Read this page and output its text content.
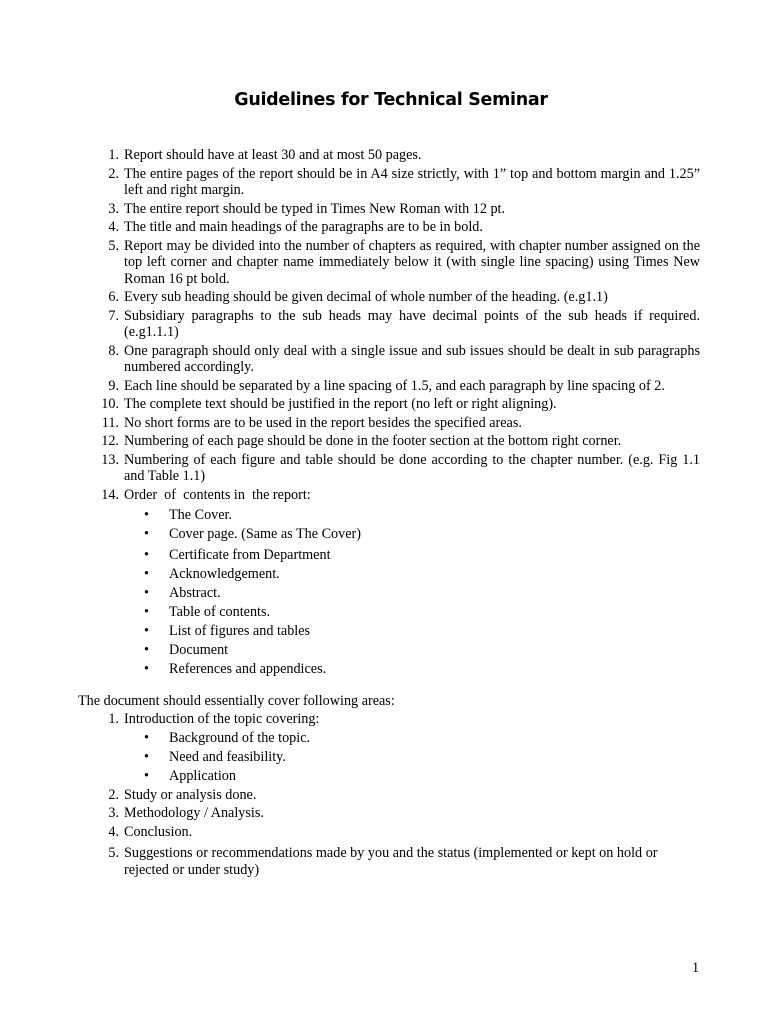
Guidelines for Technical Seminar
1. Report should have at least 30 and at most 50 pages.
2. The entire pages of the report should be in A4 size strictly, with 1” top and bottom margin and 1.25” left and right margin.
3. The entire report should be typed in Times New Roman with 12 pt.
4. The title and main headings of the paragraphs are to be in bold.
5. Report may be divided into the number of chapters as required, with chapter number assigned on the top left corner and chapter name immediately below it (with single line spacing) using Times New Roman 16 pt bold.
6. Every sub heading should be given decimal of whole number of the heading. (e.g1.1)
7. Subsidiary paragraphs to the sub heads may have decimal points of the sub heads if required. (e.g1.1.1)
8. One paragraph should only deal with a single issue and sub issues should be dealt in sub paragraphs numbered accordingly.
9. Each line should be separated by a line spacing of 1.5, and each paragraph by line spacing of 2.
10. The complete text should be justified in the report (no left or right aligning).
11. No short forms are to be used in the report besides the specified areas.
12. Numbering of each page should be done in the footer section at the bottom right corner.
13. Numbering of each figure and table should be done according to the chapter number. (e.g. Fig 1.1 and Table 1.1)
14. Order  of  contents in  the report:
• The Cover.
• Cover page. (Same as The Cover)
• Certificate from Department
• Acknowledgement.
• Abstract.
• Table of contents.
• List of figures and tables
• Document
• References and appendices.
The document should essentially cover following areas:
1. Introduction of the topic covering:
• Background of the topic.
• Need and feasibility.
• Application
2. Study or analysis done.
3. Methodology / Analysis.
4. Conclusion.
5. Suggestions or recommendations made by you and the status (implemented or kept on hold or rejected or under study)
1
